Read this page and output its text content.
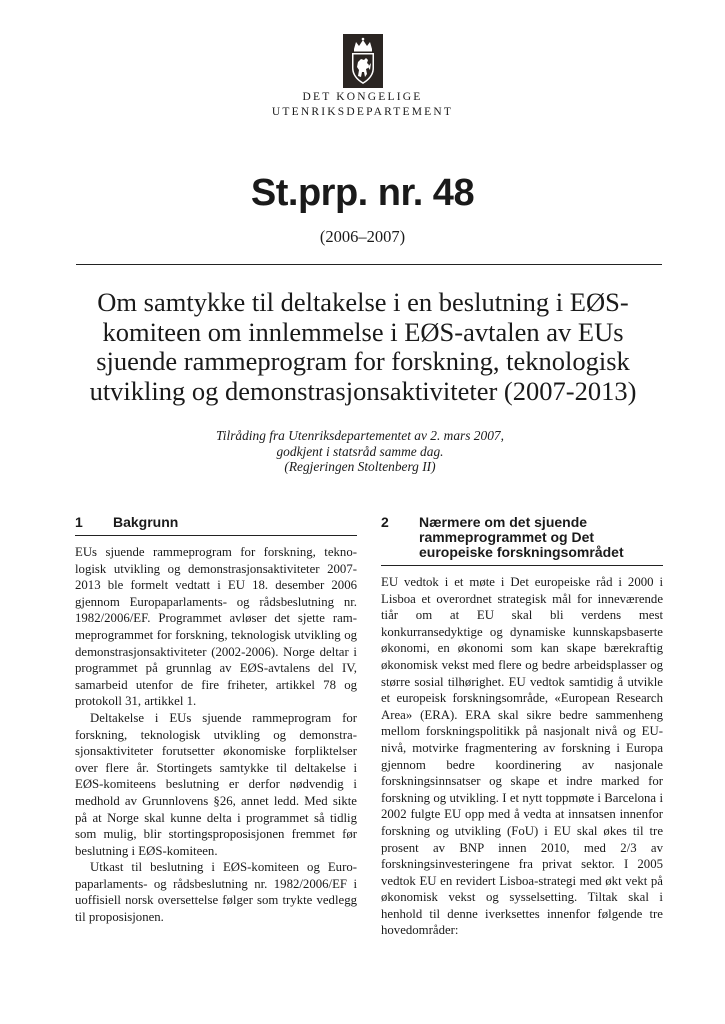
DET KONGELIGE
UTENRIKSDEPARTEMENT
St.prp. nr. 48
(2006–2007)
Om samtykke til deltakelse i en beslutning i EØS-komiteen om innlemmelse i EØS-avtalen av EUs sjuende rammeprogram for forskning, teknologisk utvikling og demonstrasjonsaktiviteter (2007-2013)
Tilråding fra Utenriksdepartementet av 2. mars 2007,
godkjent i statsråd samme dag.
(Regjeringen Stoltenberg II)
1	Bakgrunn

EUs sjuende rammeprogram for forskning, teknologisk utvikling og demonstrasjonsaktiviteter 2007-2013 ble formelt vedtatt i EU 18. desember 2006 gjennom Europaparlaments- og rådsbeslutning nr. 1982/2006/EF. Programmet avløser det sjette rammeprogrammet for forskning, teknologisk utvikling og demonstrasjonsaktiviteter (2002-2006). Norge deltar i programmet på grunnlag av EØS-avtalens del IV, samarbeid utenfor de fire friheter, artikkel 78 og protokoll 31, artikkel 1.

Deltakelse i EUs sjuende rammeprogram for forskning, teknologisk utvikling og demonstrasjonsaktiviteter forutsetter økonomiske forpliktelser over flere år. Stortingets samtykke til deltakelse i EØS-komiteens beslutning er derfor nødvendig i medhold av Grunnlovens §26, annet ledd. Med sikte på at Norge skal kunne delta i programmet så tidlig som mulig, blir stortingsproposisjonen fremmet før beslutning i EØS-komiteen.

Utkast til beslutning i EØS-komiteen og Europaparlaments- og rådsbeslutning nr. 1982/2006/EF i uoffisiell norsk oversettelse følger som trykte vedlegg til proposisjonen.

2	Nærmere om det sjuende rammeprogrammet og Det europeiske forskningsområdet

EU vedtok i et møte i Det europeiske råd i 2000 i Lisboa et overordnet strategisk mål for inneværende tiår om at EU skal bli verdens mest konkurransedyktige og dynamiske kunnskapsbaserte økonomi, en økonomi som kan skape bærekraftig økonomisk vekst med flere og bedre arbeidsplasser og større sosial tilhørighet. EU vedtok samtidig å utvikle et europeisk forskningsområde, «European Research Area» (ERA). ERA skal sikre bedre sammenheng mellom forskningspolitikk på nasjonalt nivå og EU-nivå, motvirke fragmentering av forskning i Europa gjennom bedre koordinering av nasjonale forskningsinnsatser og skape et indre marked for forskning og utvikling. I et nytt toppmøte i Barcelona i 2002 fulgte EU opp med å vedta at innsatsen innenfor forskning og utvikling (FoU) i EU skal økes til tre prosent av BNP innen 2010, med 2/3 av forskningsinvesteringene fra privat sektor. I 2005 vedtok EU en revidert Lisboa-strategi med økt vekt på økonomisk vekst og sysselsetting. Tiltak skal i henhold til denne iverksettes innenfor følgende tre hovedområder:
